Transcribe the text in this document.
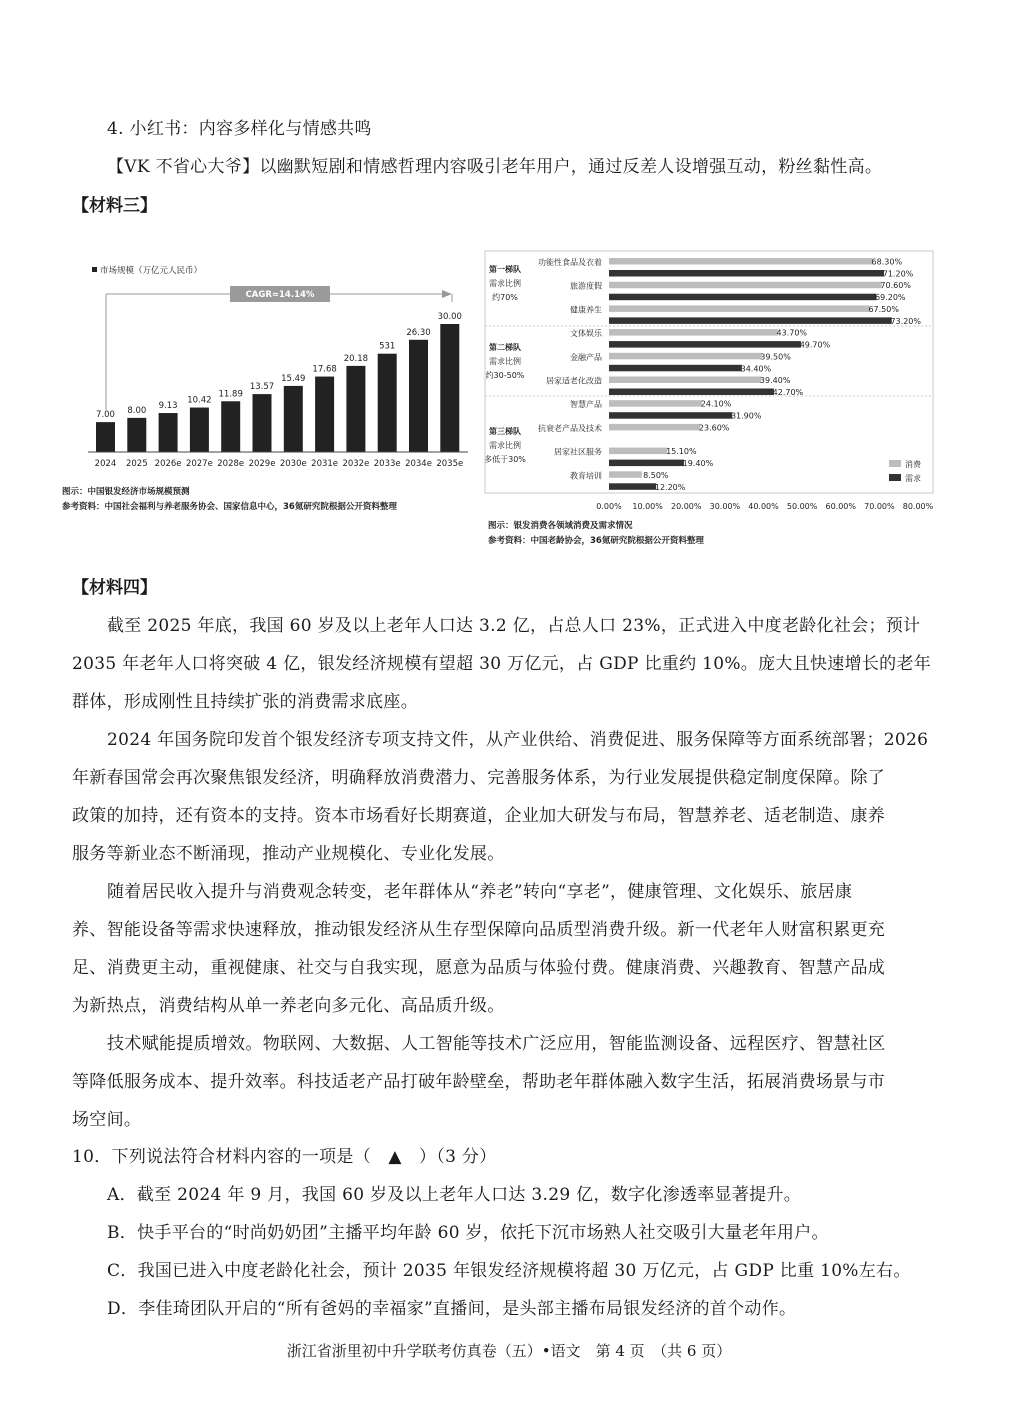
4. 小红书：内容多样化与情感共鸣
【VK 不省心大爷】以幽默短剧和情感哲理内容吸引老年用户，通过反差人设增强互动，粉丝黏性高。
【材料三】
市场规模（万亿元人民币）
CAGR≈14.14%
7.00 8.00 9.13
10.42
11.89
13.57
15.49
17.68
20.18
531
26.30
30.00
2024 2025 2026e 2027e 2028e 2029e 2030e 2031e 2032e 2033e 2034e 2035e
图示：中国银发经济市场规模预测
参考资料：中国社会福利与养老服务协会、国家信息中心，36氪研究院根据公开资料整理
第一梯队
需求比例
约70%
第二梯队
需求比例
约30-50%
第三梯队
需求比例
多低于30%
68.30%
71.20%
70.60%
69.20%
67.50%
73.20%
43.70%
49.70%
39.50%
34.40%
39.40%
42.70%
24.10%
31.90%
23.60%
15.10%
19.40%
8.50%
12.20%
功能性食品及衣着
旅游度假
健康养生
文体娱乐
金融产品
居家适老化改造
智慧产品
抗衰老产品及技术
居家社区服务
教育培训
0.00% 10.00% 20.00% 30.00% 40.00% 50.00% 60.00% 70.00% 80.00%
消费
需求
图示：银发消费各领域消费及需求情况
参考资料：中国老龄协会，36氪研究院根据公开资料整理
【材料四】
截至 2025 年底，我国 60 岁及以上老年人口达 3.2 亿，占总人口 23%，正式进入中度老龄化社会；预计
2035 年老年人口将突破 4 亿，银发经济规模有望超 30 万亿元，占 GDP 比重约 10%。庞大且快速增长的老年
群体，形成刚性且持续扩张的消费需求底座。
2024 年国务院印发首个银发经济专项支持文件，从产业供给、消费促进、服务保障等方面系统部署；2026
年新春国常会再次聚焦银发经济，明确释放消费潜力、完善服务体系，为行业发展提供稳定制度保障。除了
政策的加持，还有资本的支持。资本市场看好长期赛道，企业加大研发与布局，智慧养老、适老制造、康养
服务等新业态不断涌现，推动产业规模化、专业化发展。
随着居民收入提升与消费观念转变，老年群体从“养老”转向“享老”，健康管理、文化娱乐、旅居康
养、智能设备等需求快速释放，推动银发经济从生存型保障向品质型消费升级。新一代老年人财富积累更充
足、消费更主动，重视健康、社交与自我实现，愿意为品质与体验付费。健康消费、兴趣教育、智慧产品成
为新热点，消费结构从单一养老向多元化、高品质升级。
技术赋能提质增效。物联网、大数据、人工智能等技术广泛应用，智能监测设备、远程医疗、智慧社区
等降低服务成本、提升效率。科技适老产品打破年龄壁垒，帮助老年群体融入数字生活，拓展消费场景与市
场空间。
10．下列说法符合材料内容的一项是（　▲　）（3 分）
A．截至 2024 年 9 月，我国 60 岁及以上老年人口达 3.29 亿，数字化渗透率显著提升。
B．快手平台的“时尚奶奶团”主播平均年龄 60 岁，依托下沉市场熟人社交吸引大量老年用户。
C．我国已进入中度老龄化社会，预计 2035 年银发经济规模将超 30 万亿元，占 GDP 比重 10%左右。
D．李佳琦团队开启的“所有爸妈的幸福家”直播间，是头部主播布局银发经济的首个动作。
浙江省浙里初中升学联考仿真卷（五）•语文　第 4 页　（共 6 页）
